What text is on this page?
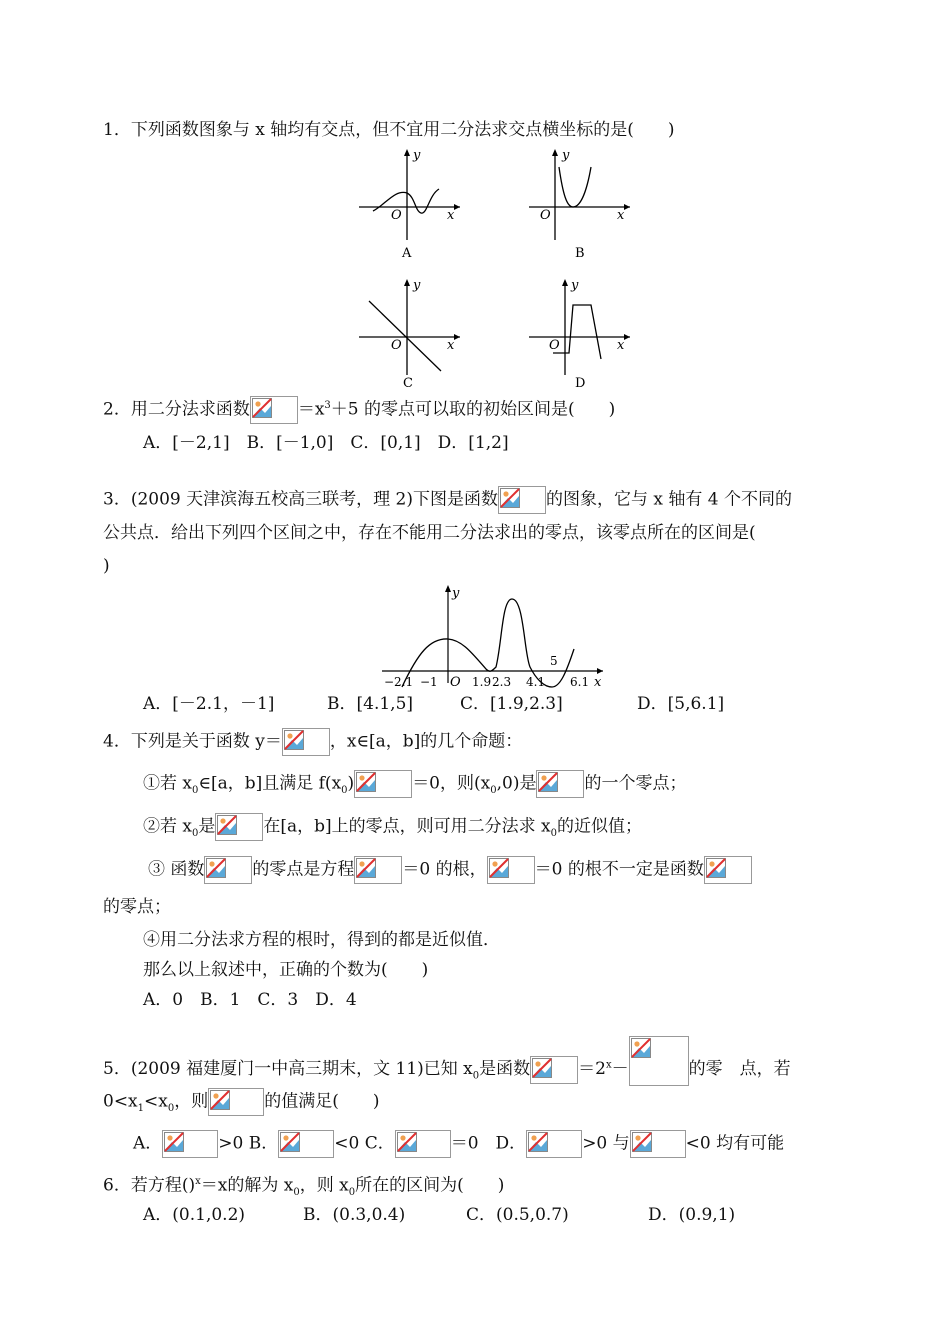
1．下列函数图象与 x 轴均有交点，但不宜用二分法求交点横坐标的是(　　)
y
O	x
A
y
O	x
B
y
O	x
C
y
O	x
D
2．用二分法求函数	$=x^3+5$ 的零点可以取的初始区间是(　　)
A．[－2,1]　B．[－1,0]　C．[0,1]　D．[1,2]
3．(2009 天津滨海五校高三联考，理 2)下图是函数	的图象，它与 x 轴有 4 个不同的
公共点．给出下列四个区间之中，存在不能用二分法求出的零点，该零点所在的区间是(
)
−2.1 −1 O 1.9 2.3 4.1
5
6.1 x
y
A．[－2.1，－1]	B．[4.1,5]	C．[1.9,2.3]	D．[5,6.1]
4．下列是关于函数 y＝	，x∈[a，b]的几个命题：
①若 $x_0\in[a$，b]且满足 $f(x_0)$	＝0，则$(x_0,0)$是	的一个零点；
②若 $x_0$是	在[a，b]上的零点，则可用二分法求 $x_0$的近似值；
③ 函数	的零点是方程	＝0 的根，	＝0 的根不一定是函数
的零点；
④用二分法求方程的根时，得到的都是近似值．
那么以上叙述中，正确的个数为(　　)
A．0　B．1　C．3　D．4
5．(2009 福建厦门一中高三期末，文 11)已知 $x_0$是函数	$=2^x-$	的零　点，若
$0<x_1<x_0$，则	的值满足(　　)
A．	>0 B．	<0 C．	＝0　D．	>0 与	<0 均有可能
6．若方程()$^x$＝x的解为 $x_0$，则 $x_0$所在的区间为(　　)
A．(0.1,0.2)	B．(0.3,0.4)	C．(0.5,0.7)	D．(0.9,1)
